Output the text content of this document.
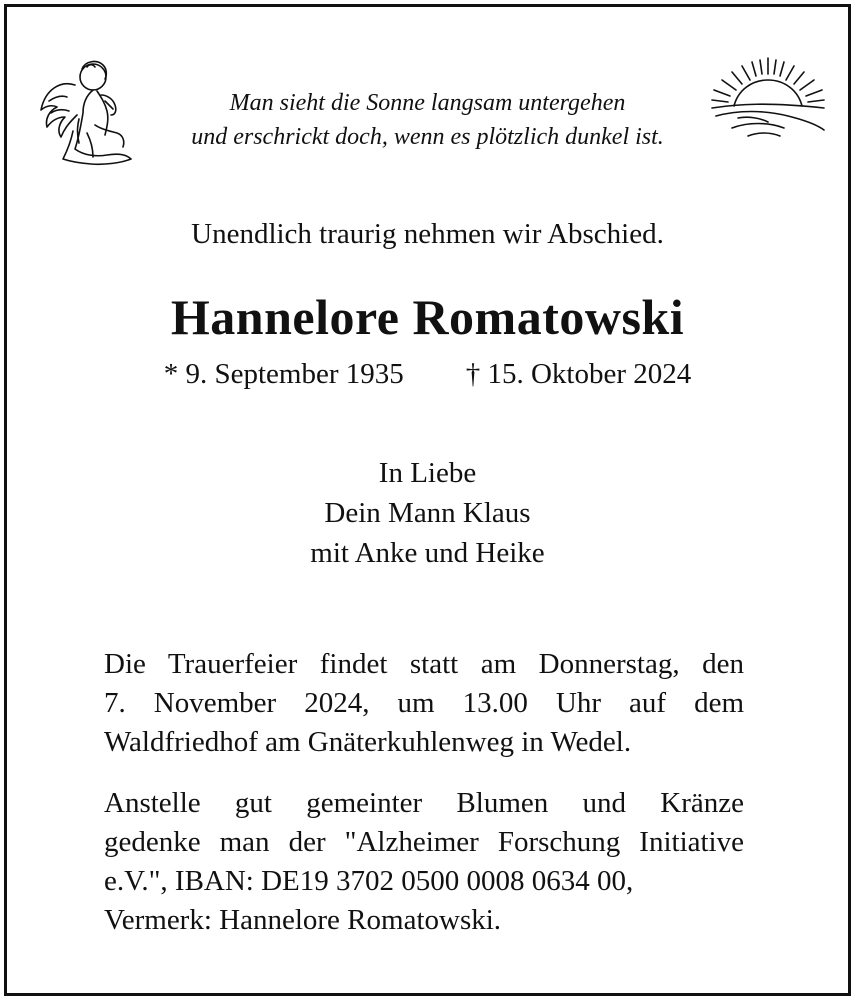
Man sieht die Sonne langsam untergehen
und erschrickt doch, wenn es plötzlich dunkel ist.
Unendlich traurig nehmen wir Abschied.
Hannelore Romatowski
* 9. September 1935 † 15. Oktober 2024
In Liebe
Dein Mann Klaus
mit Anke und Heike
Die Trauerfeier findet statt am Donnerstag, den
7. November 2024, um 13.00 Uhr auf dem
Waldfriedhof am Gnäterkuhlenweg in Wedel.
Anstelle gut gemeinter Blumen und Kränze
gedenke man der "Alzheimer Forschung Initiative
e.V.", IBAN: DE19 3702 0500 0008 0634 00,
Vermerk: Hannelore Romatowski.
